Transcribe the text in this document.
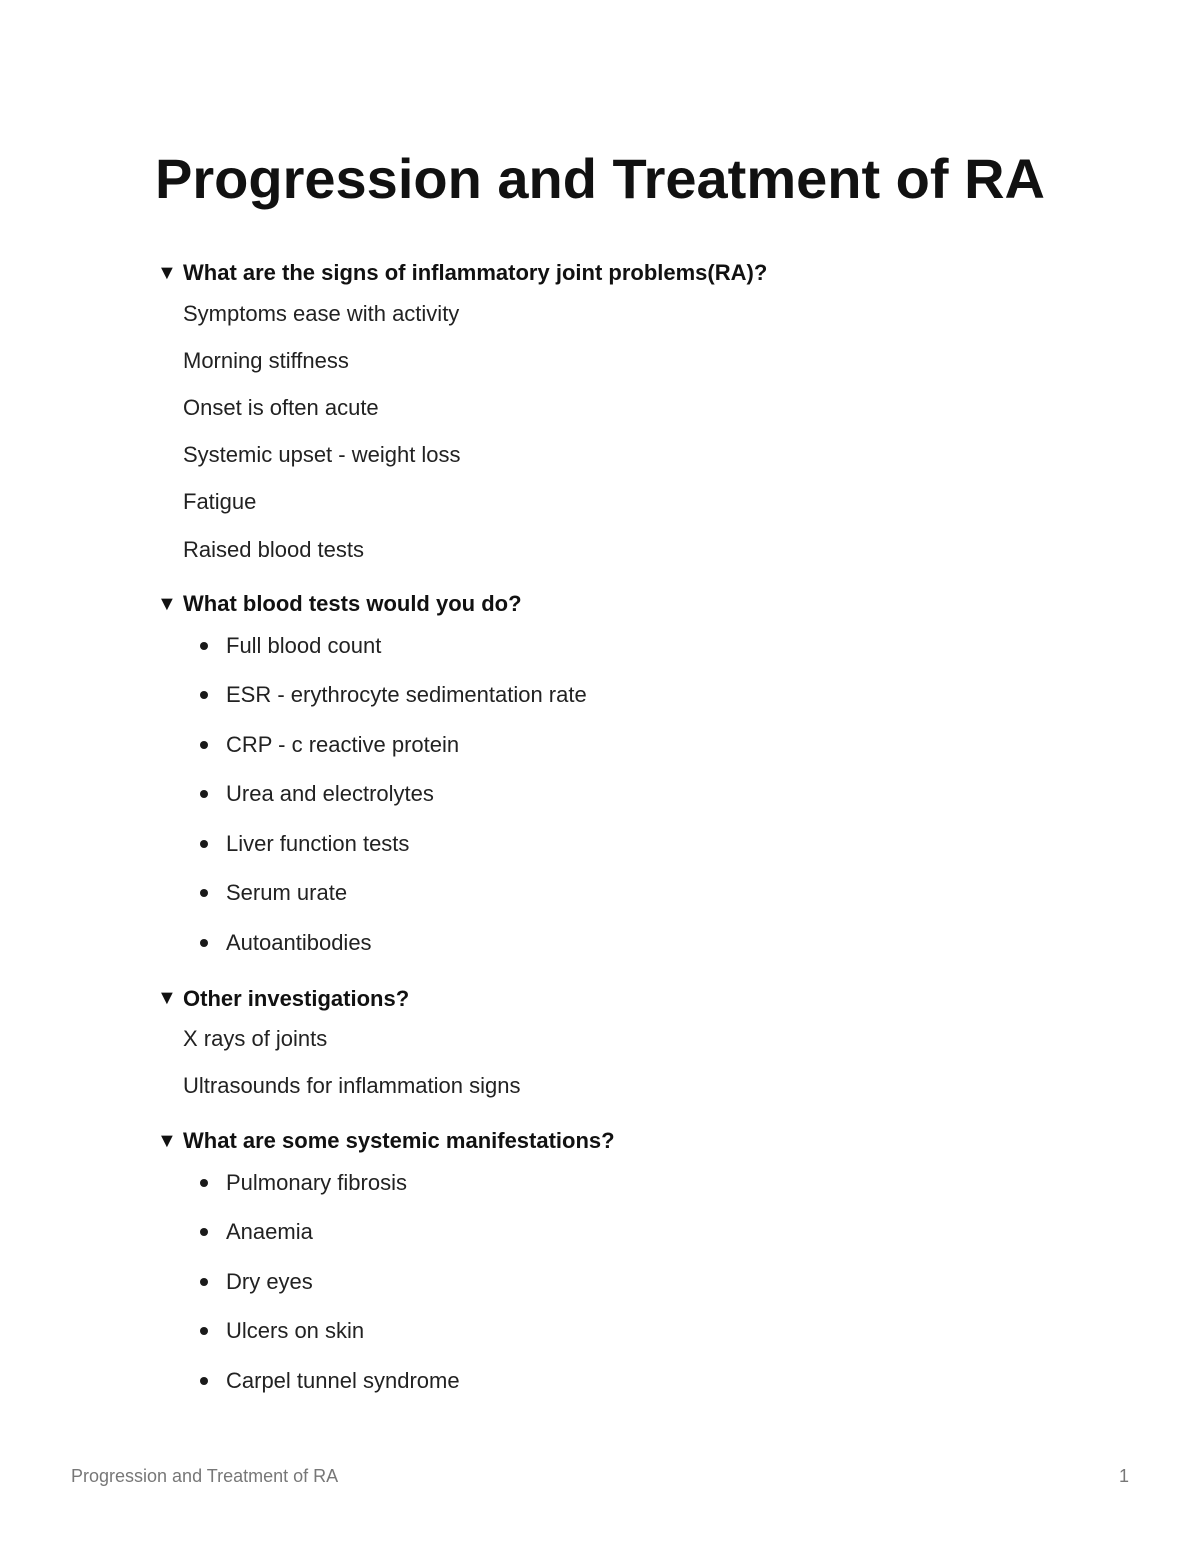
Progression and Treatment of RA
▼ What are the signs of inflammatory joint problems(RA)?
Symptoms ease with activity
Morning stiffness
Onset is often acute
Systemic upset - weight loss
Fatigue
Raised blood tests
▼ What blood tests would you do?
Full blood count
ESR - erythrocyte sedimentation rate
CRP - c reactive protein
Urea and electrolytes
Liver function tests
Serum urate
Autoantibodies
▼ Other investigations?
X rays of joints
Ultrasounds for inflammation signs
▼ What are some systemic manifestations?
Pulmonary fibrosis
Anaemia
Dry eyes
Ulcers on skin
Carpel tunnel syndrome
Progression and Treatment of RA	1
